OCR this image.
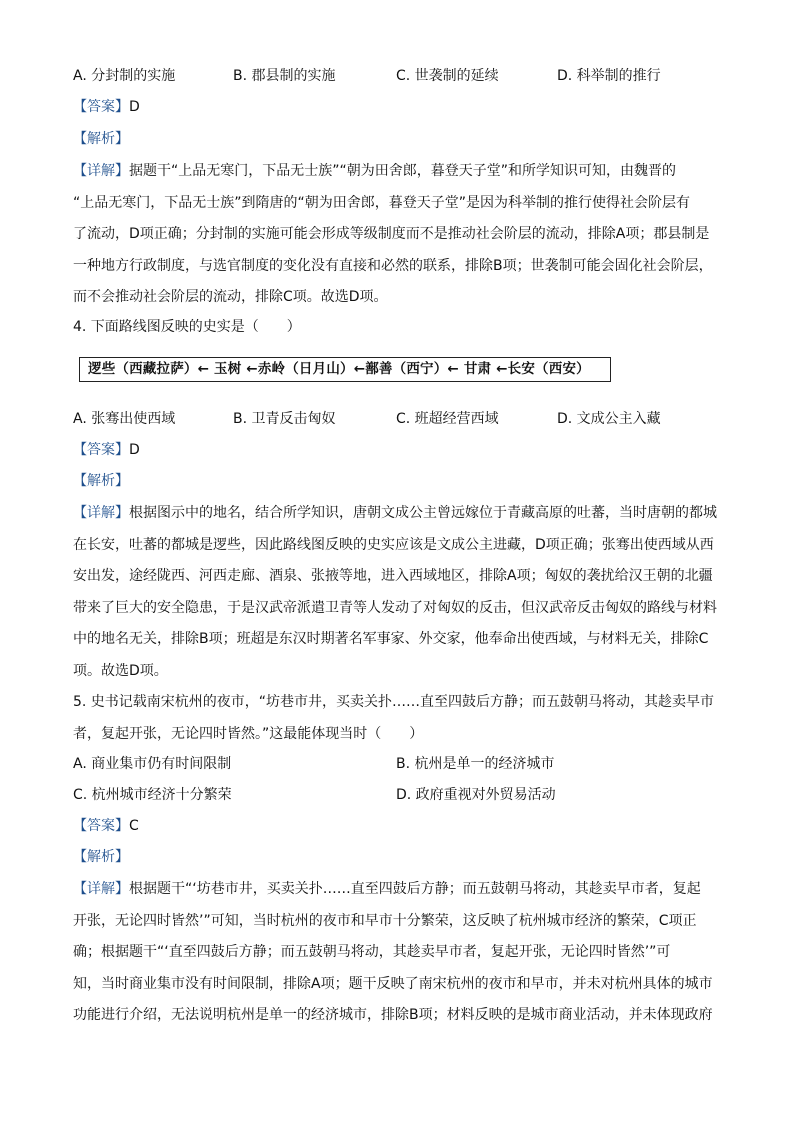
A. 分封制的实施	B. 郡县制的实施	C. 世袭制的延续	D. 科举制的推行
【答案】D
【解析】
【详解】据题干“上品无寒门，下品无士族”“朝为田舍郎，暮登天子堂”和所学知识可知，由魏晋的
“上品无寒门，下品无士族”到隋唐的“朝为田舍郎，暮登天子堂”是因为科举制的推行使得社会阶层有
了流动，D项正确；分封制的实施可能会形成等级制度而不是推动社会阶层的流动，排除A项；郡县制是
一种地方行政制度，与选官制度的变化没有直接和必然的联系，排除B项；世袭制可能会固化社会阶层，
而不会推动社会阶层的流动，排除C项。故选D项。
4. 下面路线图反映的史实是（　　）
逻些（西藏拉萨）← 玉树 ←赤岭（日月山）←鄯善（西宁）← 甘肃 ←长安（西安）
A. 张骞出使西域	B. 卫青反击匈奴	C. 班超经营西域	D. 文成公主入藏
【答案】D
【解析】
【详解】根据图示中的地名，结合所学知识，唐朝文成公主曾远嫁位于青藏高原的吐蕃，当时唐朝的都城
在长安，吐蕃的都城是逻些，因此路线图反映的史实应该是文成公主进藏，D项正确；张骞出使西域从西
安出发，途经陇西、河西走廊、酒泉、张掖等地，进入西域地区，排除A项；匈奴的袭扰给汉王朝的北疆
带来了巨大的安全隐患，于是汉武帝派遣卫青等人发动了对匈奴的反击，但汉武帝反击匈奴的路线与材料
中的地名无关，排除B项；班超是东汉时期著名军事家、外交家，他奉命出使西域，与材料无关，排除C
项。故选D项。
5. 史书记载南宋杭州的夜市，“坊巷市井，买卖关扑……直至四鼓后方静；而五鼓朝马将动，其趁卖早市
者，复起开张，无论四时皆然。”这最能体现当时（　　）
A. 商业集市仍有时间限制	B. 杭州是单一的经济城市
C. 杭州城市经济十分繁荣	D. 政府重视对外贸易活动
【答案】C
【解析】
【详解】根据题干“‘坊巷市井，买卖关扑……直至四鼓后方静；而五鼓朝马将动，其趁卖早市者，复起
开张，无论四时皆然’”可知，当时杭州的夜市和早市十分繁荣，这反映了杭州城市经济的繁荣，C项正
确；根据题干“‘直至四鼓后方静；而五鼓朝马将动，其趁卖早市者，复起开张，无论四时皆然’”可
知，当时商业集市没有时间限制，排除A项；题干反映了南宋杭州的夜市和早市，并未对杭州具体的城市
功能进行介绍，无法说明杭州是单一的经济城市，排除B项；材料反映的是城市商业活动，并未体现政府
